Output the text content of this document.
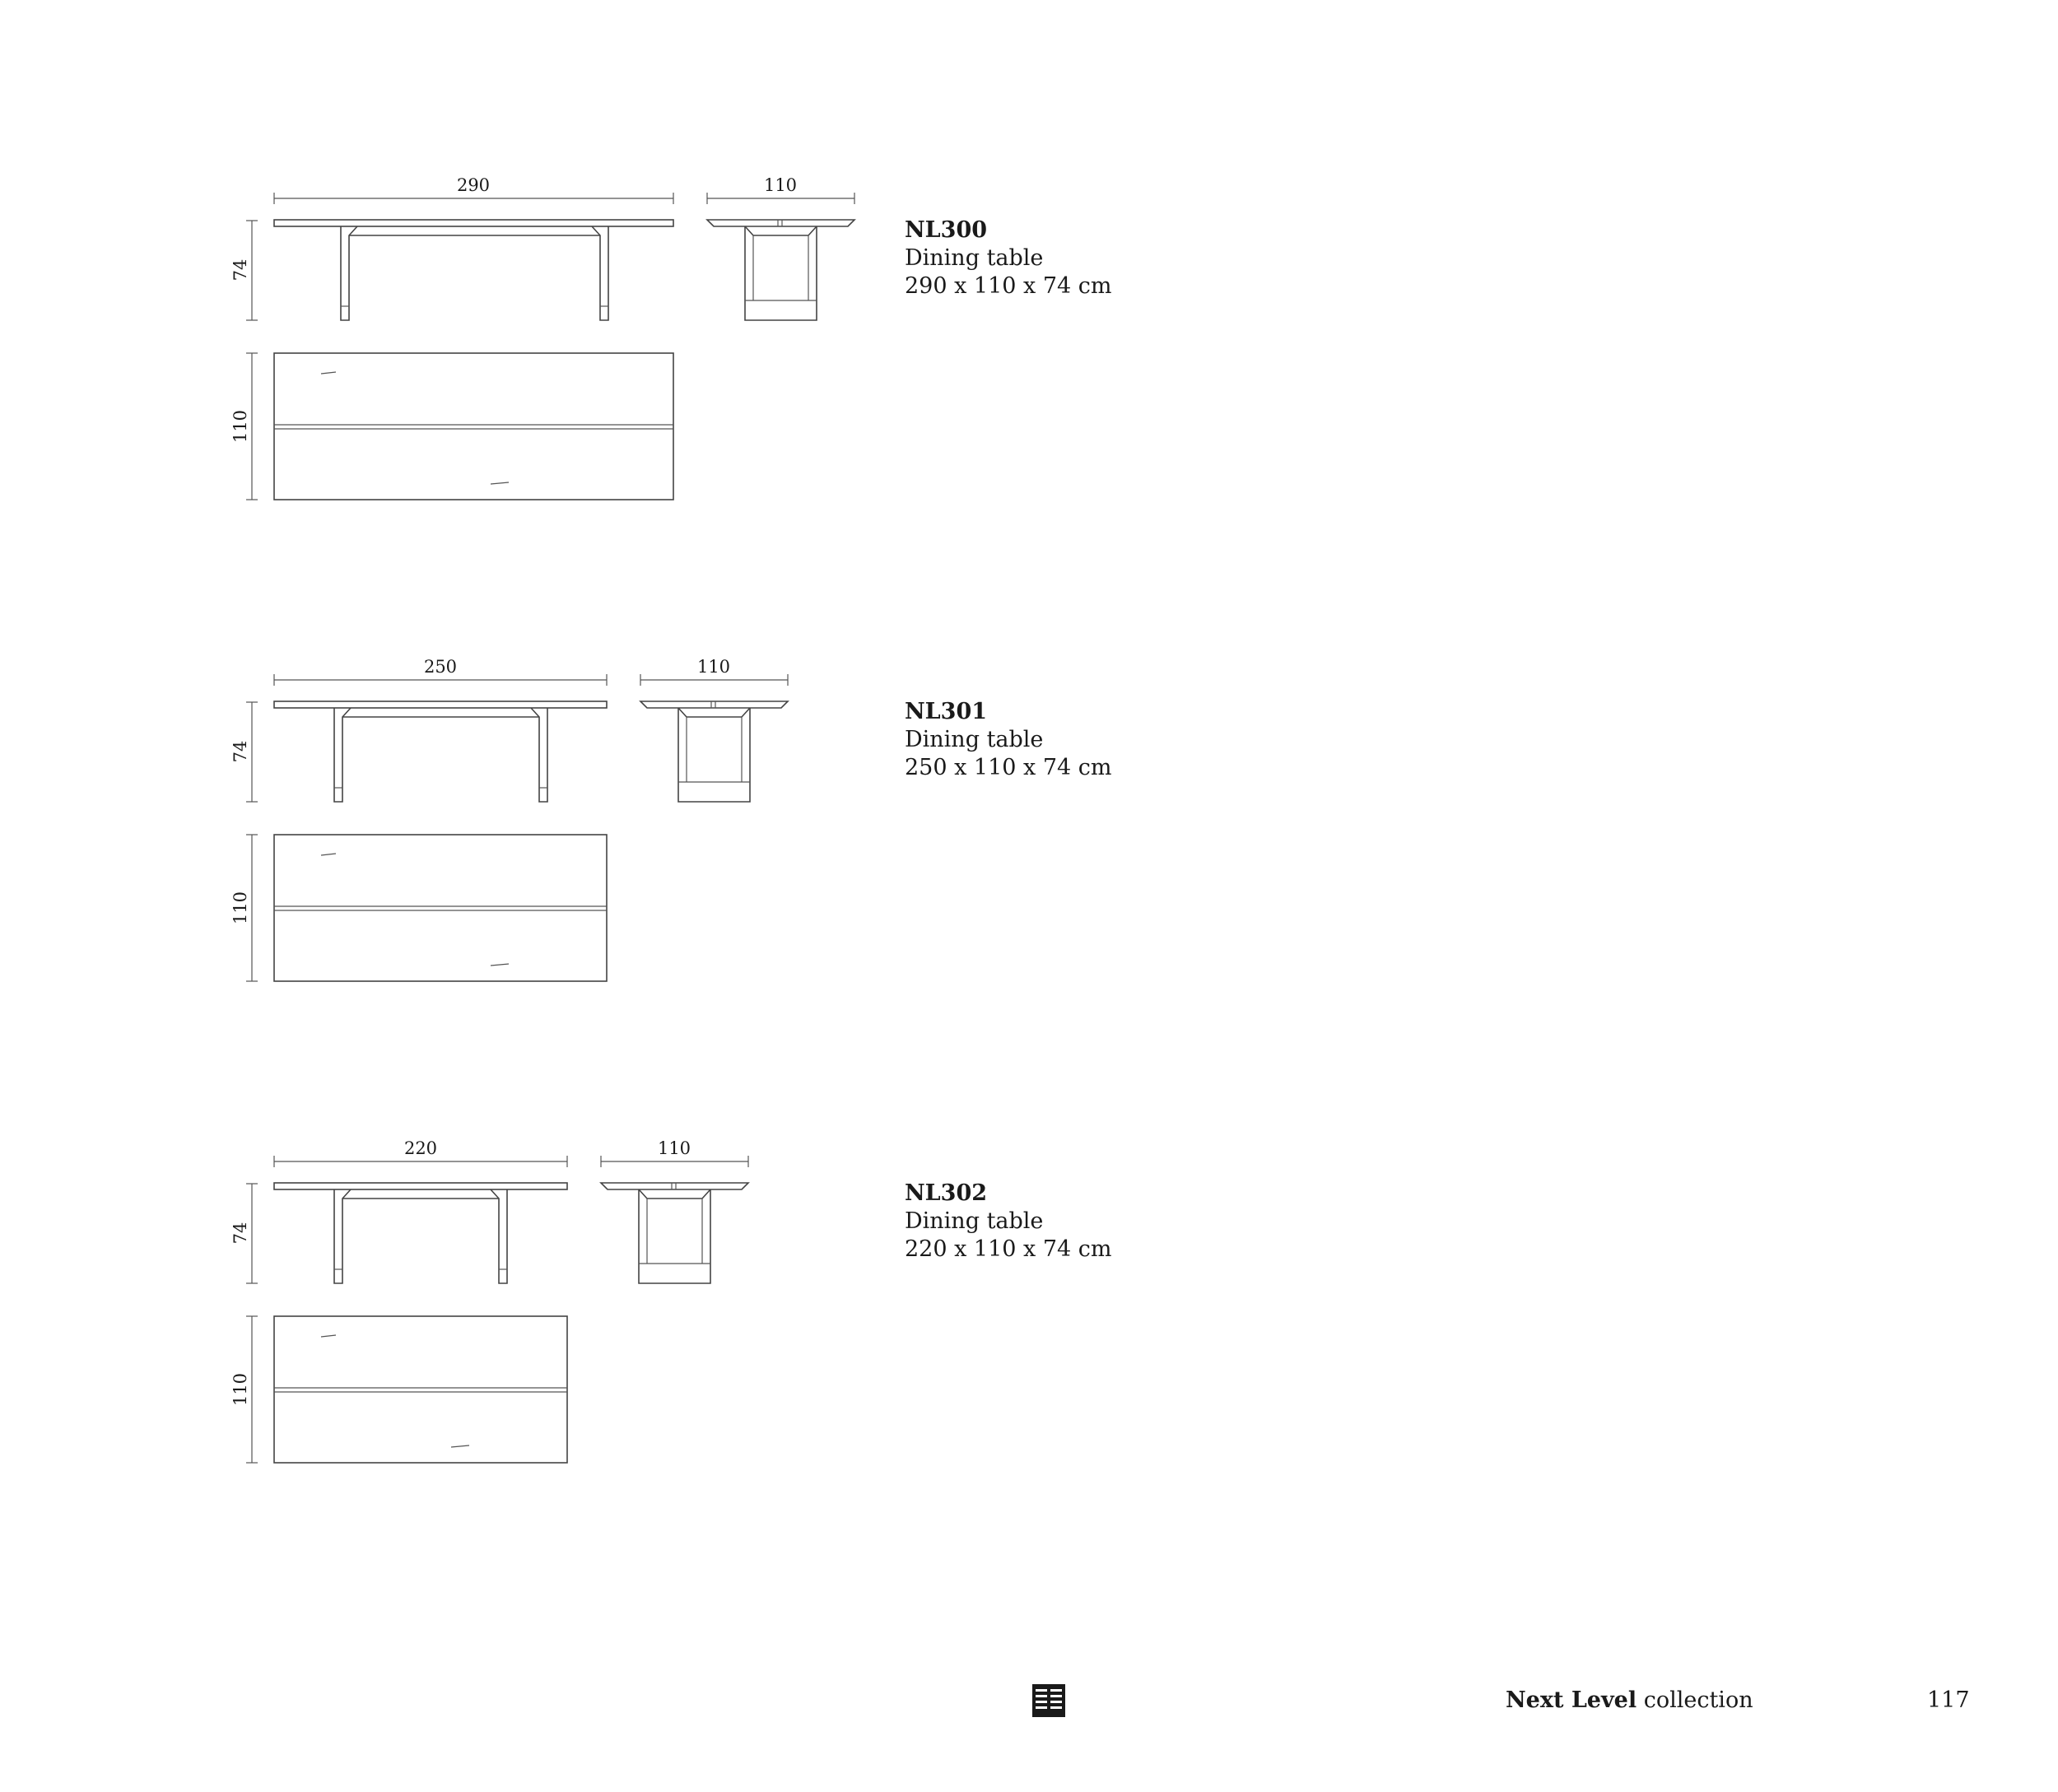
290	110
74
110
NL300
Dining table
290 x 110 x 74 cm
250	110
74
110
NL301
Dining table
250 x 110 x 74 cm
220	110
74
110
NL302
Dining table
220 x 110 x 74 cm
Next Level collection	117
